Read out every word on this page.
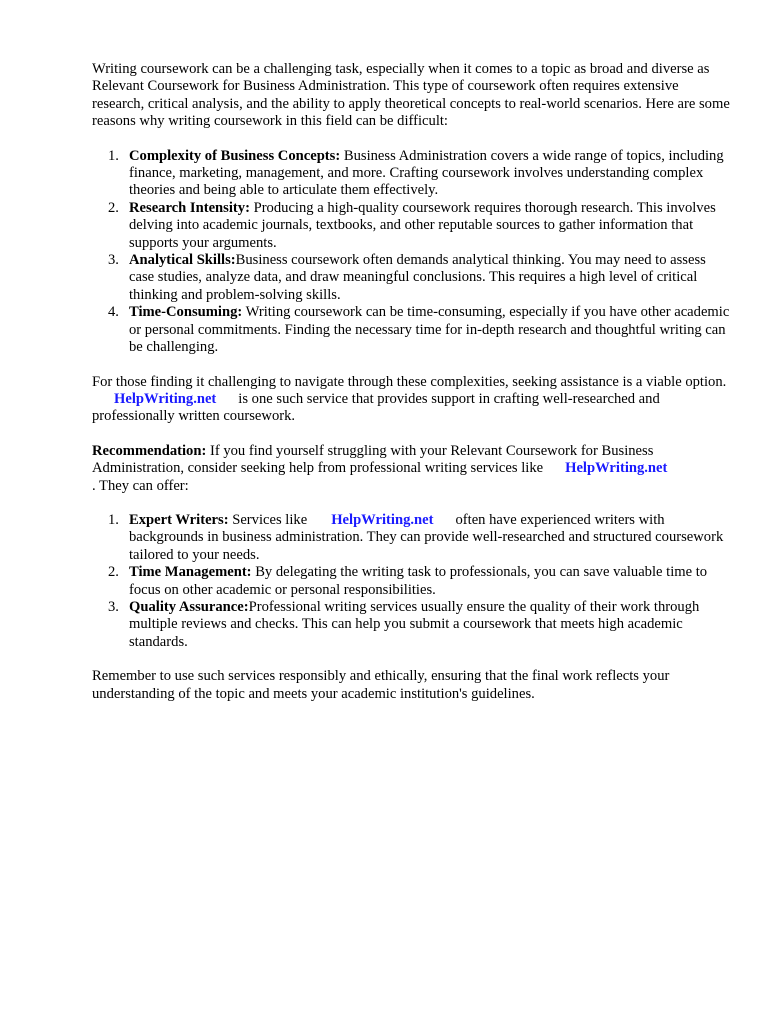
Writing coursework can be a challenging task, especially when it comes to a topic as broad and diverse as Relevant Coursework for Business Administration. This type of coursework often requires extensive research, critical analysis, and the ability to apply theoretical concepts to real-world scenarios. Here are some reasons why writing coursework in this field can be difficult:

1. Complexity of Business Concepts: Business Administration covers a wide range of topics, including finance, marketing, management, and more. Crafting coursework involves understanding complex theories and being able to articulate them effectively.
2. Research Intensity: Producing a high-quality coursework requires thorough research. This involves delving into academic journals, textbooks, and other reputable sources to gather information that supports your arguments.
3. Analytical Skills:Business coursework often demands analytical thinking. You may need to assess case studies, analyze data, and draw meaningful conclusions. This requires a high level of critical thinking and problem-solving skills.
4. Time-Consuming: Writing coursework can be time-consuming, especially if you have other academic or personal commitments. Finding the necessary time for in-depth research and thoughtful writing can be challenging.

For those finding it challenging to navigate through these complexities, seeking assistance is a viable option.HelpWriting.net is one such service that provides support in crafting well-researched and professionally written coursework.

Recommendation: If you find yourself struggling with your Relevant Coursework for Business Administration, consider seeking help from professional writing services like HelpWriting.net
. They can offer:

1. Expert Writers: Services like HelpWriting.net often have experienced writers with backgrounds in business administration. They can provide well-researched and structured coursework tailored to your needs.
2. Time Management: By delegating the writing task to professionals, you can save valuable time to focus on other academic or personal responsibilities.
3. Quality Assurance:Professional writing services usually ensure the quality of their work through multiple reviews and checks. This can help you submit a coursework that meets high academic standards.

Remember to use such services responsibly and ethically, ensuring that the final work reflects your understanding of the topic and meets your academic institution's guidelines.
